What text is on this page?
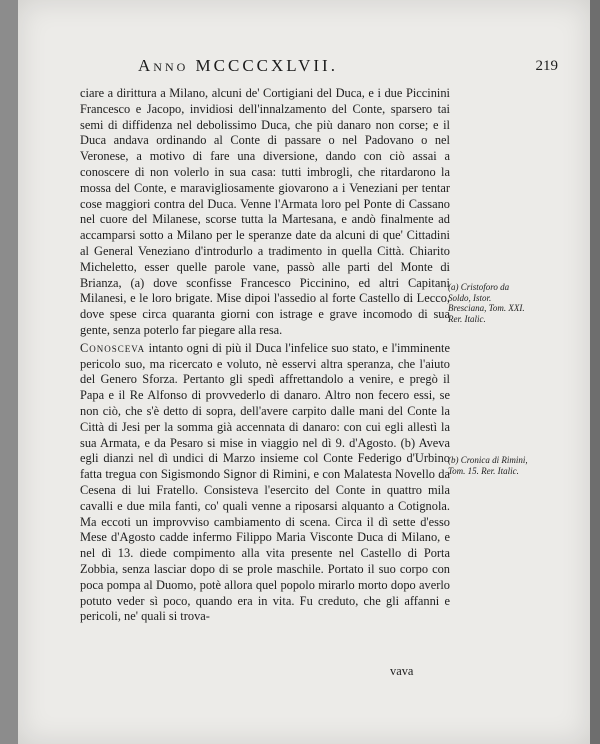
Anno MCCCCXLVII.	219

ciare a dirittura a Milano, alcuni de' Cortigiani del Duca, e i due Piccinini Francesco e Jacopo, invidiosi dell'innalzamento del Conte, sparsero tai semi di diffidenza nel debolissimo Duca, che più danaro non corse; e il Duca andava ordinando al Conte di passare o nel Padovano o nel Veronese, a motivo di fare una diversione, dando con ciò assai a conoscere di non volerlo in sua casa: tutti imbrogli, che ritardarono la mossa del Conte, e maravigliosamente giovarono a i Veneziani per tentar cose maggiori contra del Duca. Venne l'Armata loro pel Ponte di Cassano nel cuore del Milanese, scorse tutta la Martesana, e andò finalmente ad accamparsi sotto a Milano per le speranze date da alcuni di que' Cittadini al General Veneziano d'introdurlo a tradimento in quella Città. Chiarito Micheletto, esser quelle parole vane, passò alle parti del Monte di Brianza, (a) dove sconfisse Francesco Piccinino, ed altri Capitani Milanesi, e le loro brigate. Mise dipoi l'assedio al forte Castello di Lecco, dove spese circa quaranta giorni con istrage e grave incomodo di sua gente, senza poterlo far piegare alla resa.

Conosceva intanto ogni di più il Duca l'infelice suo stato, e l'imminente pericolo suo, ma ricercato e voluto, nè esservi altra speranza, che l'aiuto del Genero Sforza. Pertanto gli spedì affrettandolo a venire, e pregò il Papa e il Re Alfonso di provvederlo di danaro. Altro non fecero essi, se non ciò, che s'è detto di sopra, dell'avere carpito dalle mani del Conte la Città di Jesi per la somma già accennata di danaro: con cui egli allestì la sua Armata, e da Pesaro si mise in viaggio nel dì 9. d'Agosto. (b) Aveva egli dianzi nel dì undici di Marzo insieme col Conte Federigo d'Urbino fatta tregua con Sigismondo Signor di Rimini, e con Malatesta Novello da Cesena di lui Fratello. Consisteva l'esercito del Conte in quattro mila cavalli e due mila fanti, co' quali venne a riposarsi alquanto a Cotignola. Ma eccoti un improvviso cambiamento di scena. Circa il dì sette d'esso Mese d'Agosto cadde infermo Filippo Maria Visconte Duca di Milano, e nel dì 13. diede compimento alla vita presente nel Castello di Porta Zobbia, senza lasciar dopo di se prole maschile. Portato il suo corpo con poca pompa al Duomo, potè allora quel popolo mirarlo morto dopo averlo potuto veder sì poco, quando era in vita. Fu creduto, che gli affanni e pericoli, ne' quali si trova-

vava
(a) Cristoforo da Soldo, Istor. Bresciana, Tom. XXI. Rer. Italic.
(b) Cronica di Rimini, Tom. 15. Rer. Italic.
